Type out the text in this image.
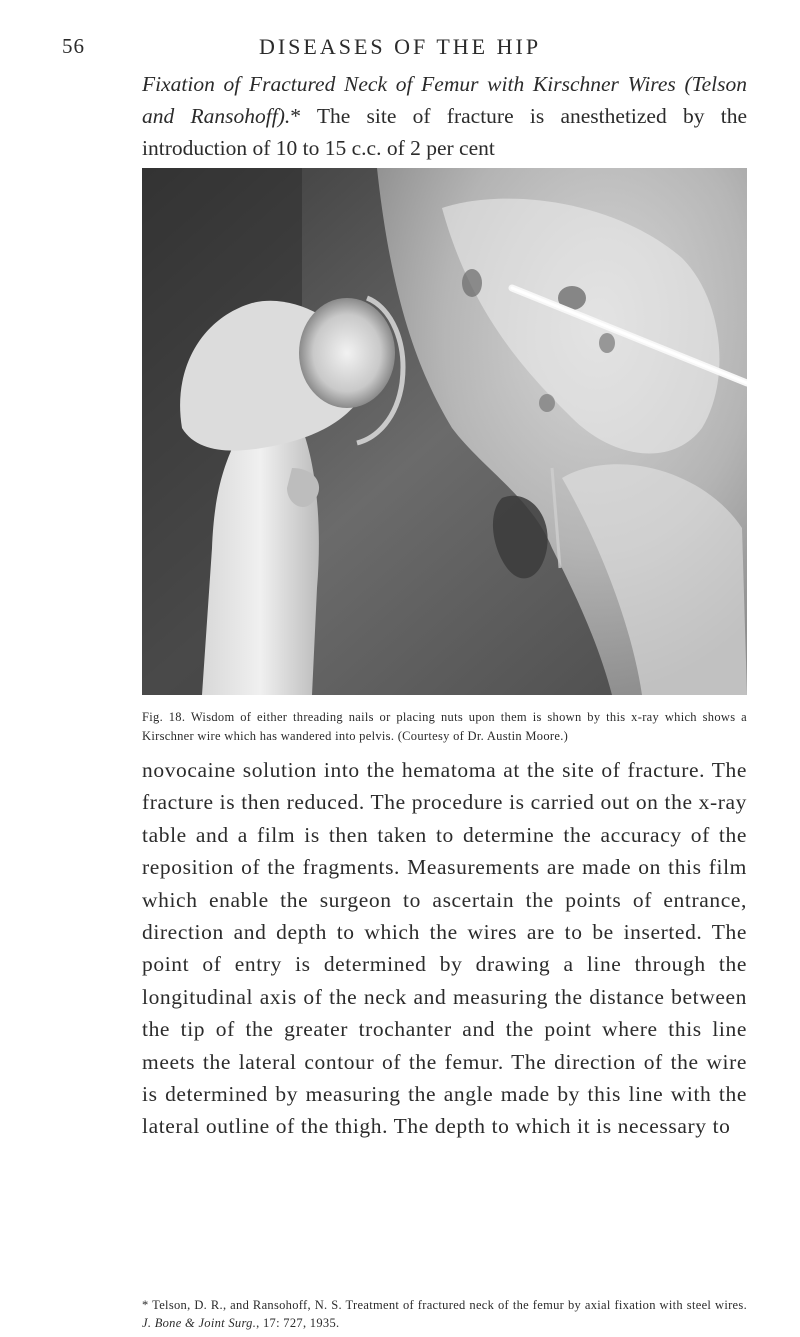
56	DISEASES OF THE HIP

Fixation of Fractured Neck of Femur with Kirschner Wires (Telson and Ransohoff).* The site of fracture is anesthetized by the introduction of 10 to 15 c.c. of 2 per cent

Fig. 18. Wisdom of either threading nails or placing nuts upon them is shown by this x-ray which shows a Kirschner wire which has wandered into pelvis. (Courtesy of Dr. Austin Moore.)

novocaine solution into the hematoma at the site of fracture. The fracture is then reduced. The procedure is carried out on the x-ray table and a film is then taken to determine the accuracy of the reposition of the fragments. Measurements are made on this film which enable the surgeon to ascertain the points of entrance, direction and depth to which the wires are to be inserted. The point of entry is determined by drawing a line through the longitudinal axis of the neck and measuring the distance between the tip of the greater trochanter and the point where this line meets the lateral contour of the femur. The direction of the wire is determined by measuring the angle made by this line with the lateral outline of the thigh. The depth to which it is necessary to

* Telson, D. R., and Ransohoff, N. S. Treatment of fractured neck of the femur by axial fixation with steel wires. J. Bone & Joint Surg., 17: 727, 1935.
